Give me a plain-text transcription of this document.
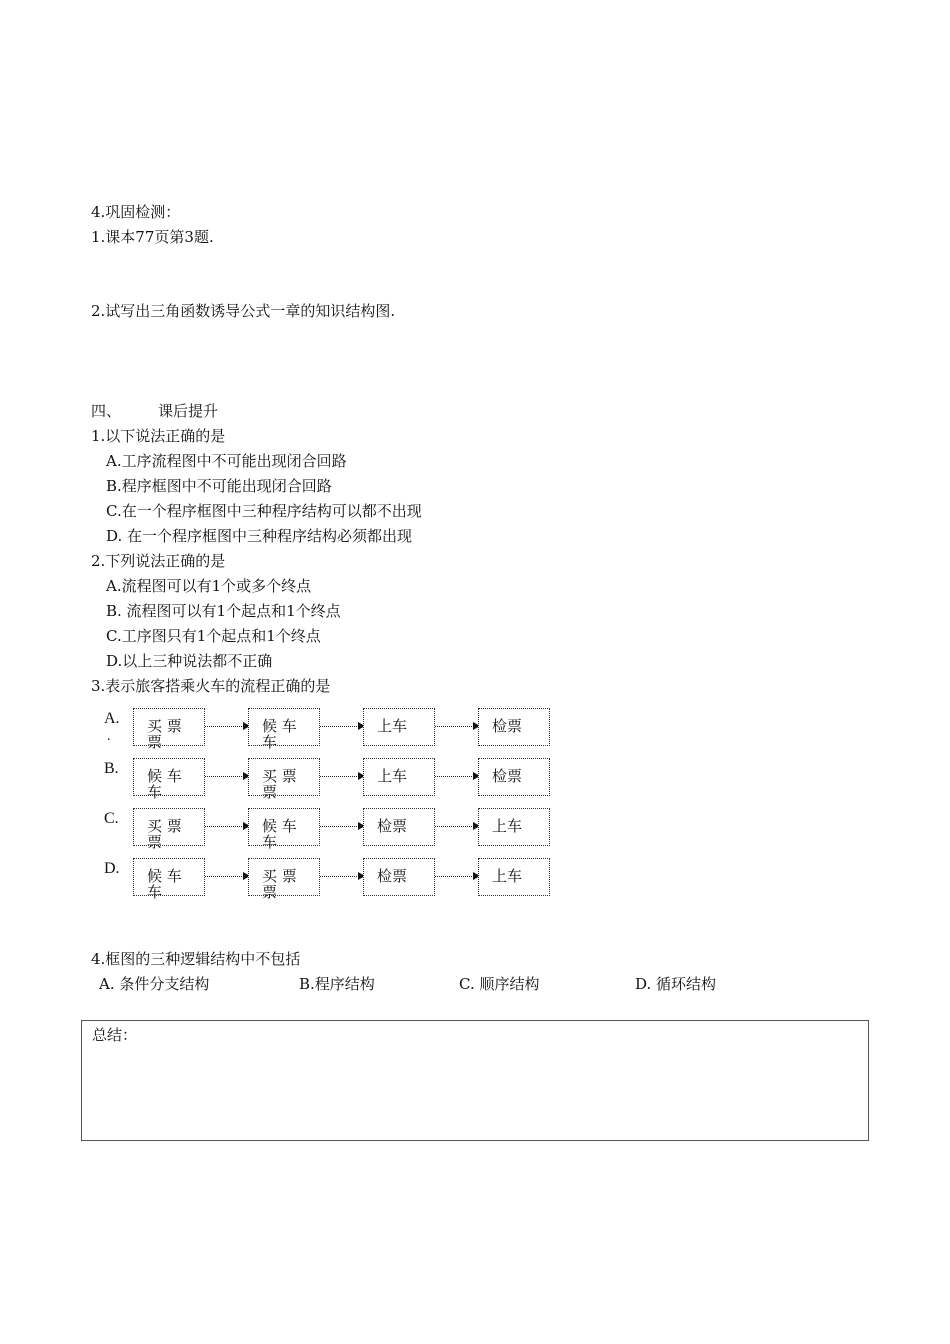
4.巩固检测：
1.课本77页第3题.
2.试写出三角函数诱导公式一章的知识结构图.
四、 课后提升
1.以下说法正确的是
A.工序流程图中不可能出现闭合回路
B.程序框图中不可能出现闭合回路
C.在一个程序框图中三种程序结构可以都不出现
D. 在一个程序框图中三种程序结构必须都出现
2.下列说法正确的是
A.流程图可以有1个或多个终点
B. 流程图可以有1个起点和1个终点
C.工序图只有1个起点和1个终点
D.以上三种说法都不正确
3.表示旅客搭乘火车的流程正确的是
A.
.
买 票
票
候 车
车
上车	检票
B. 候 车
车
买 票
票
上车	检票
C. 买 票
票
候 车
车
检票	上车
D. 候 车
车
买 票
票
检票	上车
4.框图的三种逻辑结构中不包括
A. 条件分支结构	B.程序结构	C. 顺序结构	D. 循环结构
总结：
